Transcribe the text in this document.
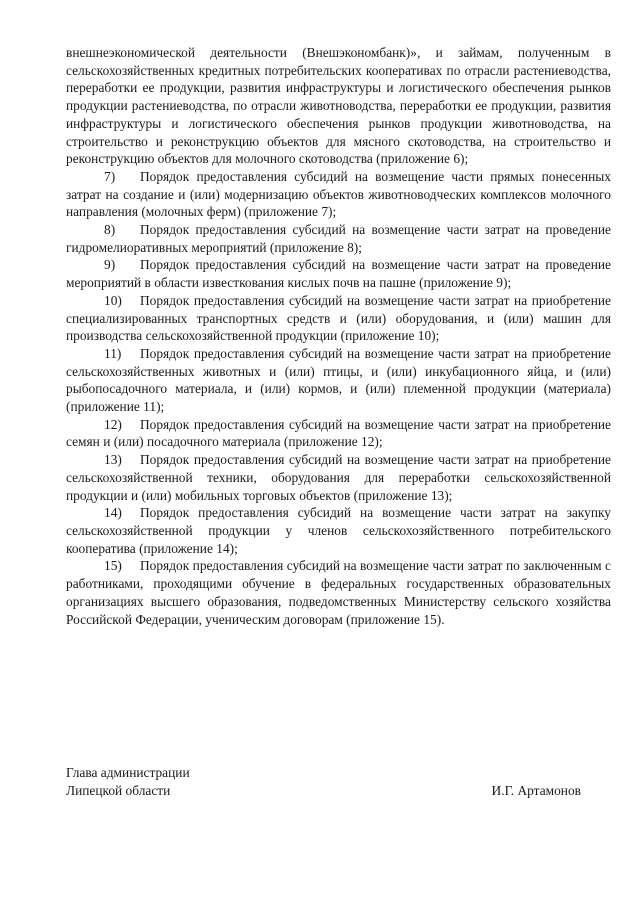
внешнеэкономической деятельности (Внешэкономбанк)», и займам, полученным в сельскохозяйственных кредитных потребительских кооперативах по отрасли растениеводства, переработки ее продукции, развития инфраструктуры и логистического обеспечения рынков продукции растениеводства, по отрасли животноводства, переработки ее продукции, развития инфраструктуры и логистического обеспечения рынков продукции животноводства, на строительство и реконструкцию объектов для мясного скотоводства, на строительство и реконструкцию объектов для молочного скотоводства (приложение 6);

7) Порядок предоставления субсидий на возмещение части прямых понесенных затрат на создание и (или) модернизацию объектов животноводческих комплексов молочного направления (молочных ферм) (приложение 7);

8) Порядок предоставления субсидий на возмещение части затрат на проведение гидромелиоративных мероприятий (приложение 8);

9) Порядок предоставления субсидий на возмещение части затрат на проведение мероприятий в области известкования кислых почв на пашне (приложение 9);

10) Порядок предоставления субсидий на возмещение части затрат на приобретение специализированных транспортных средств и (или) оборудования, и (или) машин для производства сельскохозяйственной продукции (приложение 10);

11) Порядок предоставления субсидий на возмещение части затрат на приобретение сельскохозяйственных животных и (или) птицы, и (или) инкубационного яйца, и (или) рыбопосадочного материала, и (или) кормов, и (или) племенной продукции (материала) (приложение 11);

12) Порядок предоставления субсидий на возмещение части затрат на приобретение семян и (или) посадочного материала (приложение 12);

13) Порядок предоставления субсидий на возмещение части затрат на приобретение сельскохозяйственной техники, оборудования для переработки сельскохозяйственной продукции и (или) мобильных торговых объектов (приложение 13);

14) Порядок предоставления субсидий на возмещение части затрат на закупку сельскохозяйственной продукции у членов сельскохозяйственного потребительского кооператива (приложение 14);

15) Порядок предоставления субсидий на возмещение части затрат по заключенным с работниками, проходящими обучение в федеральных государственных образовательных организациях высшего образования, подведомственных Министерству сельского хозяйства Российской Федерации, ученическим договорам (приложение 15).

Глава администрации
Липецкой области	И.Г. Артамонов
